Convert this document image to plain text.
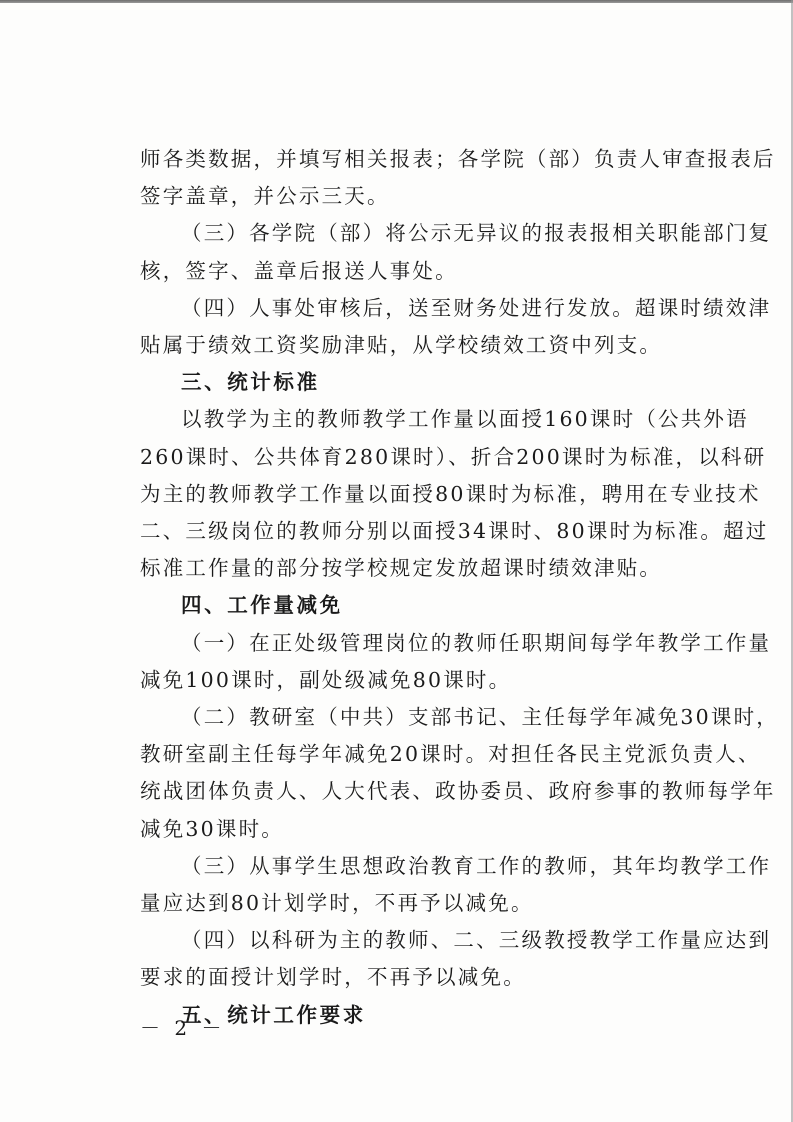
师各类数据，并填写相关报表；各学院（部）负责人审查报表后
签字盖章，并公示三天。
（三）各学院（部）将公示无异议的报表报相关职能部门复
核，签字、盖章后报送人事处。
（四）人事处审核后，送至财务处进行发放。超课时绩效津
贴属于绩效工资奖励津贴，从学校绩效工资中列支。
三、统计标准
以教学为主的教师教学工作量以面授160课时（公共外语
260课时、公共体育280课时）、折合200课时为标准，以科研
为主的教师教学工作量以面授80课时为标准，聘用在专业技术
二、三级岗位的教师分别以面授34课时、80课时为标准。超过
标准工作量的部分按学校规定发放超课时绩效津贴。
四、工作量减免
（一）在正处级管理岗位的教师任职期间每学年教学工作量
减免100课时，副处级减免80课时。
（二）教研室（中共）支部书记、主任每学年减免30课时，
教研室副主任每学年减免20课时。对担任各民主党派负责人、
统战团体负责人、人大代表、政协委员、政府参事的教师每学年
减免30课时。
（三）从事学生思想政治教育工作的教师，其年均教学工作
量应达到80计划学时，不再予以减免。
（四）以科研为主的教师、二、三级教授教学工作量应达到
要求的面授计划学时，不再予以减免。
五、统计工作要求
－ 2 －
